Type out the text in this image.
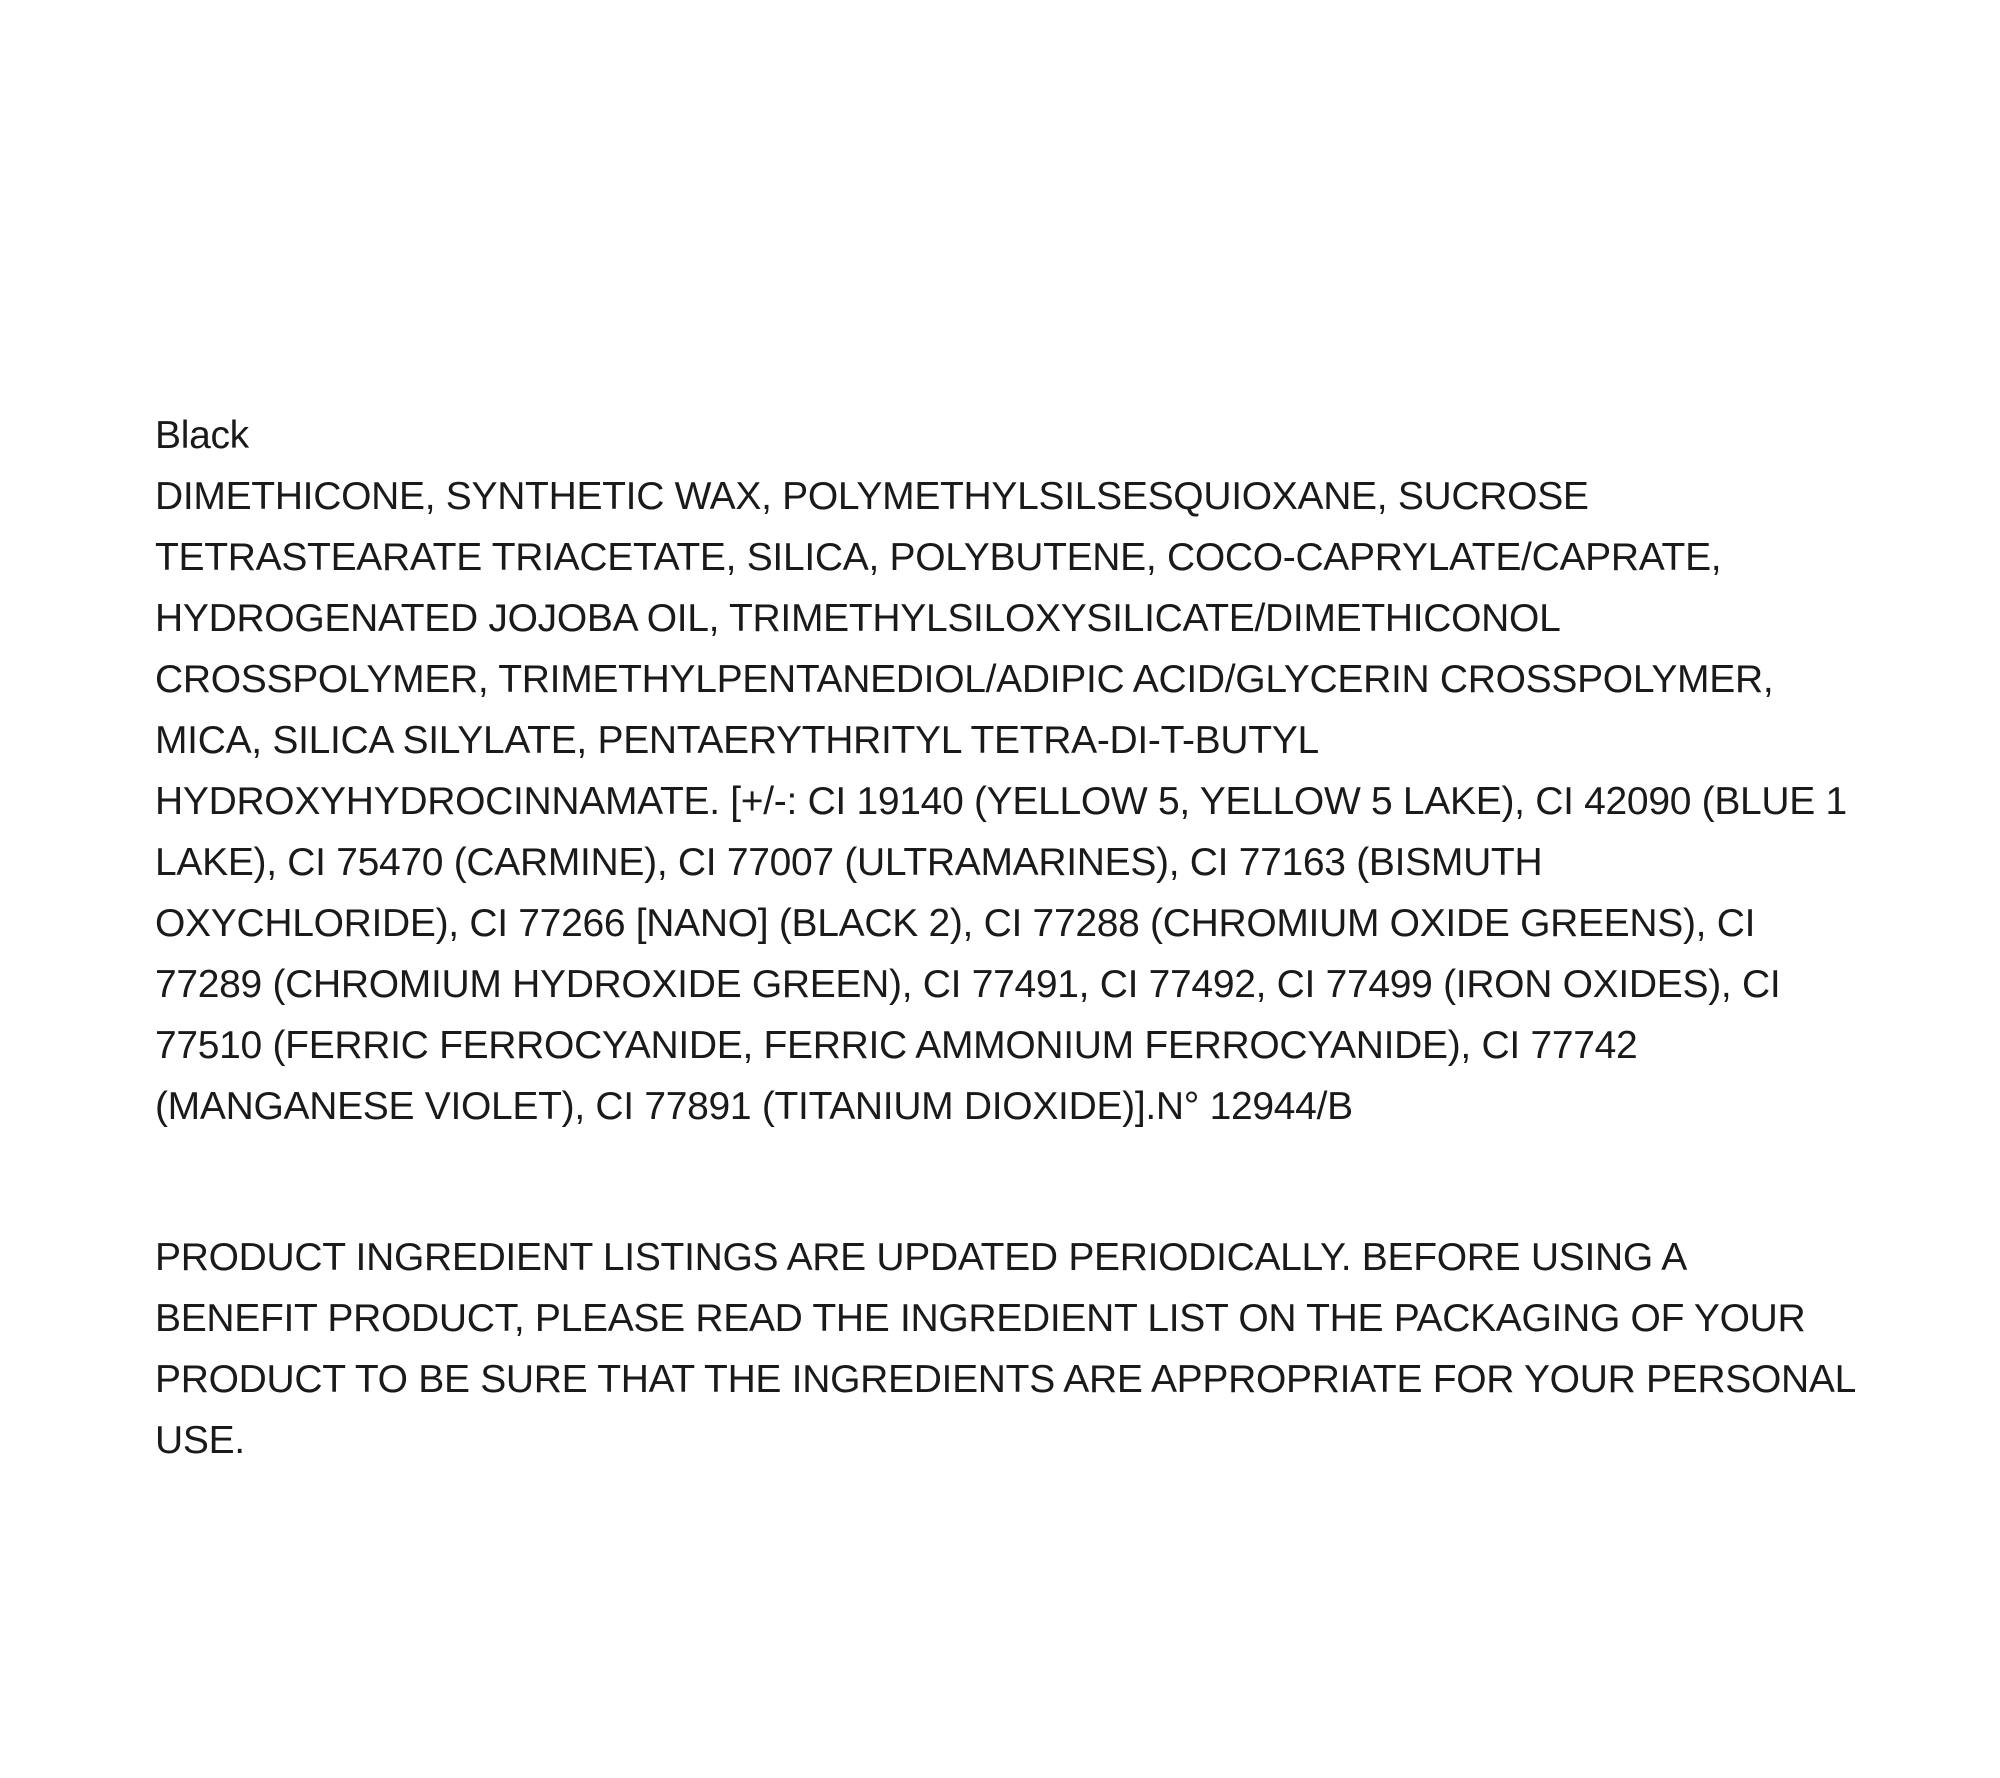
Black

DIMETHICONE, SYNTHETIC WAX, POLYMETHYLSILSESQUIOXANE, SUCROSE TETRASTEARATE TRIACETATE, SILICA, POLYBUTENE, COCO-CAPRYLATE/CAPRATE, HYDROGENATED JOJOBA OIL, TRIMETHYLSILOXYSILICATE/DIMETHICONOL CROSSPOLYMER, TRIMETHYLPENTANEDIOL/ADIPIC ACID/GLYCERIN CROSSPOLYMER, MICA, SILICA SILYLATE, PENTAERYTHRITYL TETRA-DI-T-BUTYL HYDROXYHYDROCINNAMATE. [+/-: CI 19140 (YELLOW 5, YELLOW 5 LAKE), CI 42090 (BLUE 1 LAKE), CI 75470 (CARMINE), CI 77007 (ULTRAMARINES), CI 77163 (BISMUTH OXYCHLORIDE), CI 77266 [NANO] (BLACK 2), CI 77288 (CHROMIUM OXIDE GREENS), CI 77289 (CHROMIUM HYDROXIDE GREEN), CI 77491, CI 77492, CI 77499 (IRON OXIDES), CI 77510 (FERRIC FERROCYANIDE, FERRIC AMMONIUM FERROCYANIDE), CI 77742 (MANGANESE VIOLET), CI 77891 (TITANIUM DIOXIDE)].N° 12944/B

PRODUCT INGREDIENT LISTINGS ARE UPDATED PERIODICALLY. BEFORE USING A BENEFIT PRODUCT, PLEASE READ THE INGREDIENT LIST ON THE PACKAGING OF YOUR PRODUCT TO BE SURE THAT THE INGREDIENTS ARE APPROPRIATE FOR YOUR PERSONAL USE.
